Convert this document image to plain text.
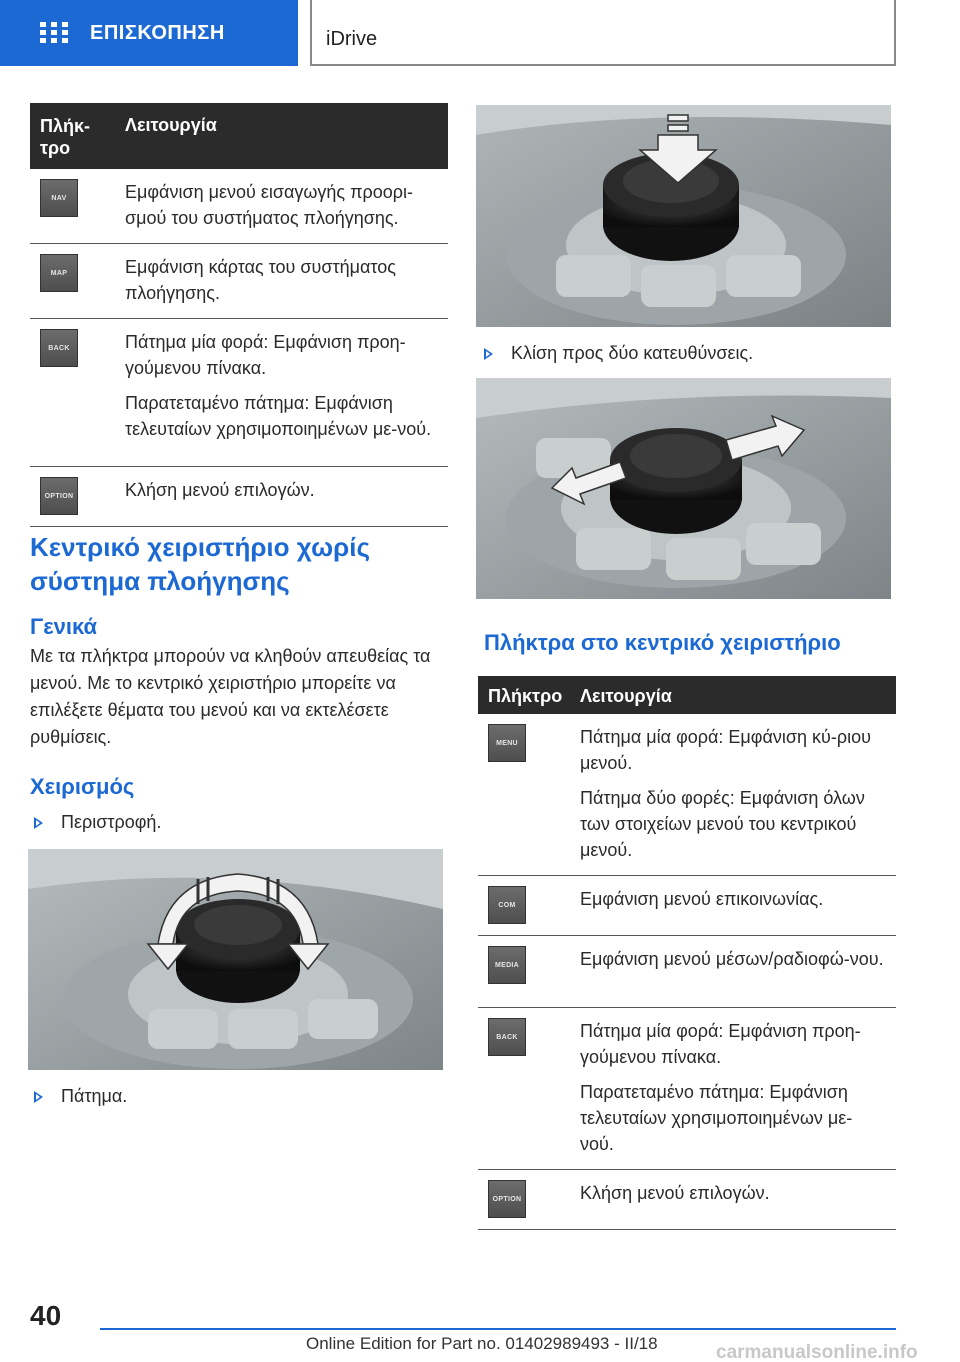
ΕΠΙΣΚΟΠΗΣΗ	iDrive
Πλήκ-
τρο
Λειτουργία
NAV	Εμφάνιση μενού εισαγωγής προορι-σμού του συστήματος πλοήγησης.

MAP	Εμφάνιση κάρτας του συστήματος πλοήγησης.

BACK	Πάτημα μία φορά: Εμφάνιση προη-γούμενου πίνακα.

Παρατεταμένο πάτημα: Εμφάνιση τελευταίων χρησιμοποιημένων με-νού.

OPTION	Κλήση μενού επιλογών.

Κεντρικό χειριστήριο χωρίς σύστημα πλοήγησης
Γενικά
Με τα πλήκτρα μπορούν να κληθούν απευθείας τα μενού. Με το κεντρικό χειριστήριο μπορείτε να επιλέξετε θέματα του μενού και να εκτελέσετε ρυθμίσεις.
Χειρισμός
Περιστροφή.
Πάτημα.
Κλίση προς δύο κατευθύνσεις.
Πλήκτρα στο κεντρικό χειριστήριο
Πλήκτρο Λειτουργία
MENU	Πάτημα μία φορά: Εμφάνιση κύ-ριου μενού.

Πάτημα δύο φορές: Εμφάνιση όλων των στοιχείων μενού του κεντρικού μενού.

COM	Εμφάνιση μενού επικοινωνίας.

MEDIA	Εμφάνιση μενού μέσων/ραδιοφώ-νου.

BACK	Πάτημα μία φορά: Εμφάνιση προη-γούμενου πίνακα.

Παρατεταμένο πάτημα: Εμφάνιση τελευταίων χρησιμοποιημένων με-νού.

OPTION	Κλήση μενού επιλογών.

40
Online Edition for Part no. 01402989493 - II/18	carmanualsonline.info
